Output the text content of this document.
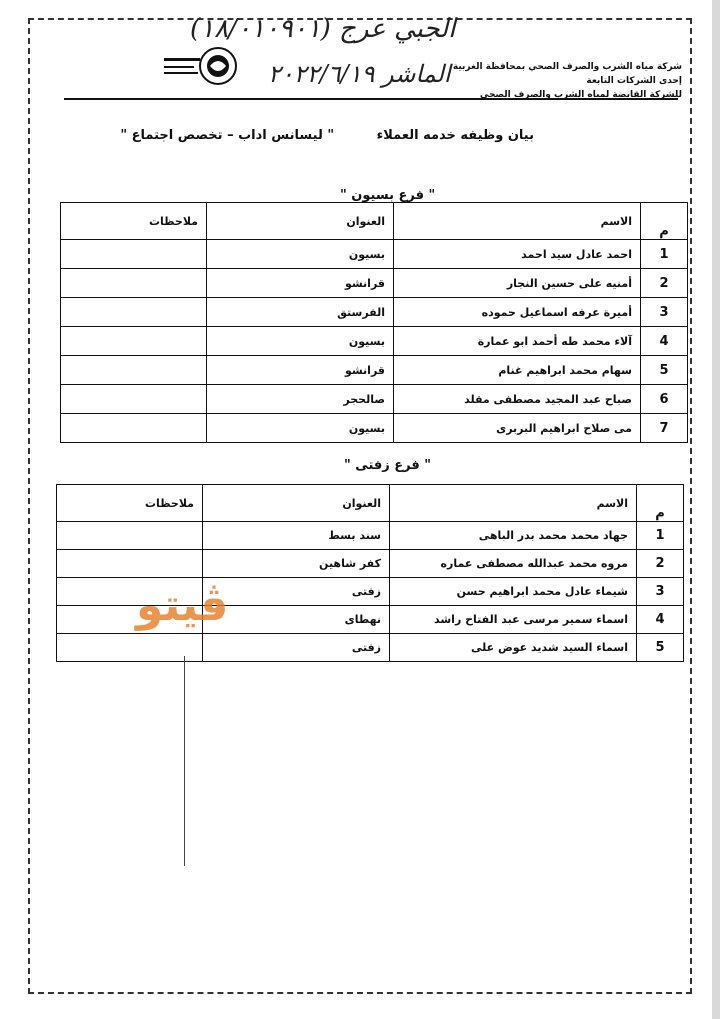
الجبي عرج (١٨/٠١٠٩٠١)
الماشر ٢٠٢٢/٦/١٩ شركة مياه الشرب والصرف الصحي بمحافظة الغربية
إحدى الشركات التابعة
للشركة القابضة لمياه الشرب والصرف الصحي
بيان وظيفه خدمه العملاء " ليسانس اداب – تخصص اجتماع "
" فرع بسيون "
م	الاسم	العنوان	ملاحظات
1	احمد عادل سيد احمد	بسيون	
2	أمنيه على حسين النجار	قرانشو	
3	أميرة عرفه اسماعيل حموده	الفرستق	
4	آلاء محمد طه أحمد ابو عمارة	بسيون	
5	سهام محمد ابراهيم غنام	قرانشو	
6	صباح عبد المجيد مصطفى مقلد	صالحجر	
7	مى صلاح ابراهيم البربرى	بسيون	
" فرع زفتى "
م	الاسم	العنوان	ملاحظات
1	جهاد محمد محمد بدر الباهى	سند بسط	
2	مروه محمد عبدالله مصطفى عماره	كفر شاهين	
3	شيماء عادل محمد ابراهيم حسن	زفتى	
4	اسماء سمير مرسى عبد الفتاح راشد	نهطاى	
5	اسماء السيد شديد عوض على	زفتى	
ڤيتو
